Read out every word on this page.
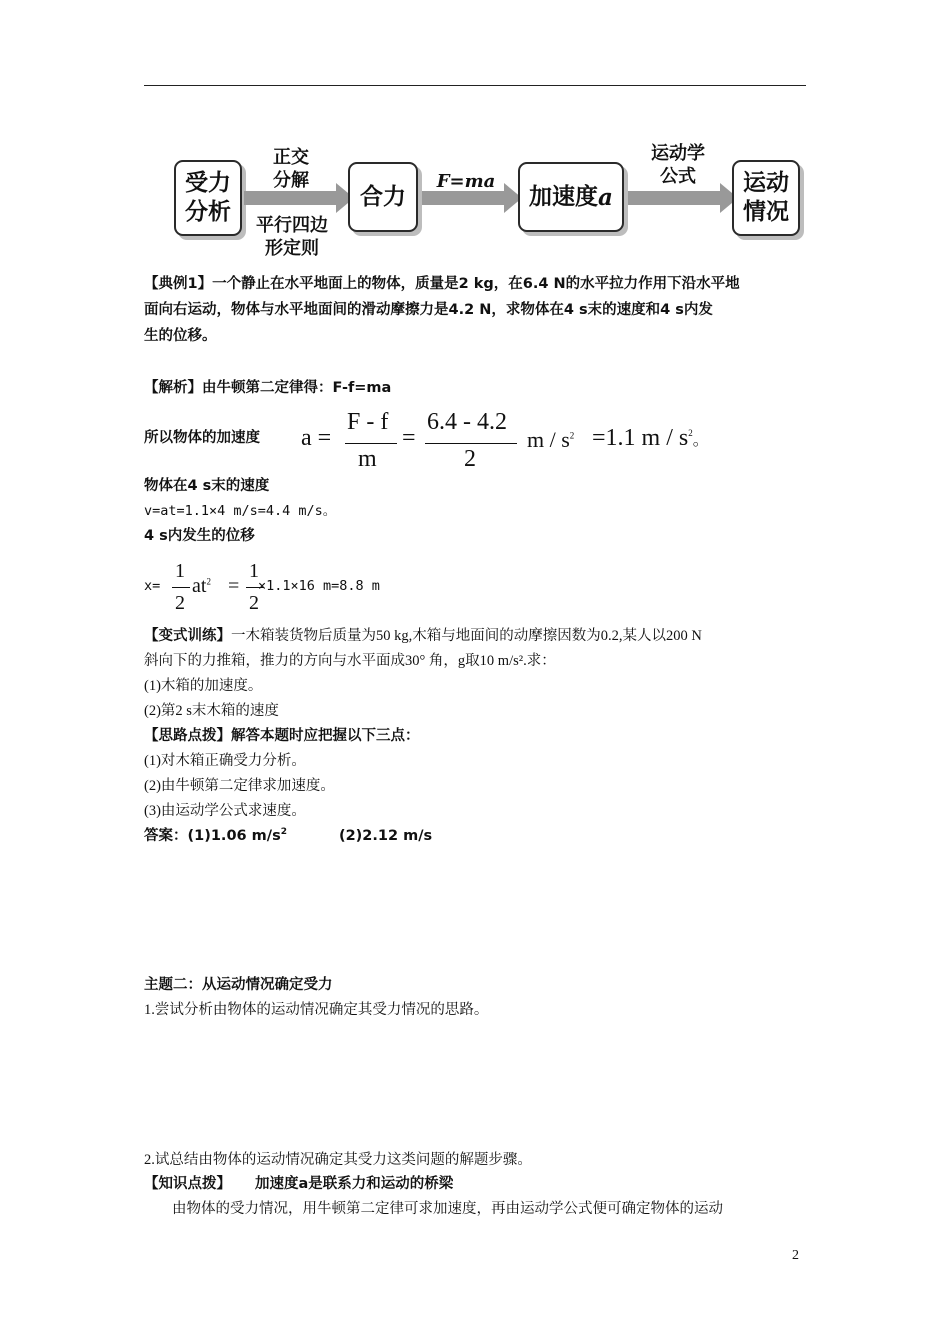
受力
分析
正交
分解
平行四边
形定则
合力
F=ma
加速度 a
运动学
公式	运动
情况
【典例1】一个静止在水平地面上的物体，质量是2 kg，在6.4 N的水平拉力作用下沿水平地
面向右运动，物体与水平地面间的滑动摩擦力是4.2 N，求物体在4 s末的速度和4 s内发
生的位移。
【解析】由牛顿第二定律得：F-f=ma
所以物体的加速度 a =
F - f
m
=
6.4 - 4.2
2
$m / s^2 =1.1$ m / $s^2$。
物体在4 s末的速度
v=at=1.1×4 m/s=4.4 m/s。
4 s内发生的位移
x=
1
2
$at^2$ =
1
2
×1.1×16 m=8.8 m
【变式训练】一木箱装货物后质量为50 kg,木箱与地面间的动摩擦因数为0.2,某人以200 N
斜向下的力推箱，推力的方向与水平面成30° 角，g取10 m/s².求：
(1)木箱的加速度。
(2)第2 s末木箱的速度
【思路点拨】解答本题时应把握以下三点：
(1)对木箱正确受力分析。
(2)由牛顿第二定律求加速度。
(3)由运动学公式求速度。
答案：(1)1.06 $m/s^2$	(2)2.12 m/s
主题二：从运动情况确定受力
1.尝试分析由物体的运动情况确定其受力情况的思路。
2.试总结由物体的运动情况确定其受力这类问题的解题步骤。
【知识点拨】 加速度a是联系力和运动的桥梁
由物体的受力情况，用牛顿第二定律可求加速度，再由运动学公式便可确定物体的运动
2
